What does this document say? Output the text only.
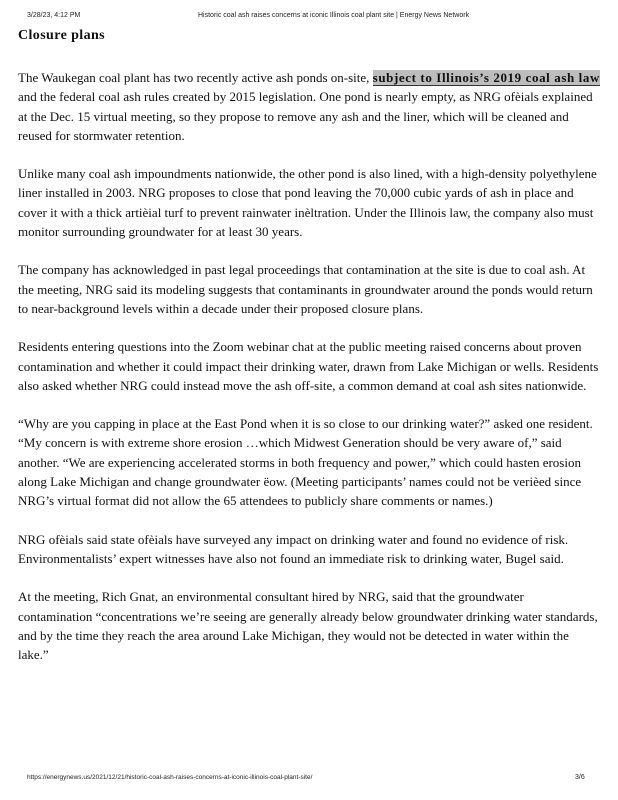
3/28/23, 4:12 PM	Historic coal ash raises concerns at iconic Illinois coal plant site | Energy News Network
Closure plans

The Waukegan coal plant has two recently active ash ponds on-site, subject to Illinois’s 2019 coal ash law and the federal coal ash rules created by 2015 legislation. One pond is nearly empty, as NRG ofèials explained at the Dec. 15 virtual meeting, so they propose to remove any ash and the liner, which will be cleaned and reused for stormwater retention.

Unlike many coal ash impoundments nationwide, the other pond is also lined, with a high-density polyethylene liner installed in 2003. NRG proposes to close that pond leaving the 70,000 cubic yards of ash in place and cover it with a thick artièial turf to prevent rainwater inèltration. Under the Illinois law, the company also must monitor surrounding groundwater for at least 30 years.

The company has acknowledged in past legal proceedings that contamination at the site is due to coal ash. At the meeting, NRG said its modeling suggests that contaminants in groundwater around the ponds would return to near-background levels within a decade under their proposed closure plans.

Residents entering questions into the Zoom webinar chat at the public meeting raised concerns about proven contamination and whether it could impact their drinking water, drawn from Lake Michigan or wells. Residents also asked whether NRG could instead move the ash off-site, a common demand at coal ash sites nationwide.

“Why are you capping in place at the East Pond when it is so close to our drinking water?” asked one resident. “My concern is with extreme shore erosion …which Midwest Generation should be very aware of,” said another. “We are experiencing accelerated storms in both frequency and power,” which could hasten erosion along Lake Michigan and change groundwater ëow. (Meeting participants’ names could not be verièed since NRG’s virtual format did not allow the 65 attendees to publicly share comments or names.)

NRG ofèials said state ofèials have surveyed any impact on drinking water and found no evidence of risk. Environmentalists’ expert witnesses have also not found an immediate risk to drinking water, Bugel said.

At the meeting, Rich Gnat, an environmental consultant hired by NRG, said that the groundwater contamination “concentrations we’re seeing are generally already below groundwater drinking water standards, and by the time they reach the area around Lake Michigan, they would not be detected in water within the lake.”

https://energynews.us/2021/12/21/historic-coal-ash-raises-concerns-at-iconic-illinois-coal-plant-site/	3/6
